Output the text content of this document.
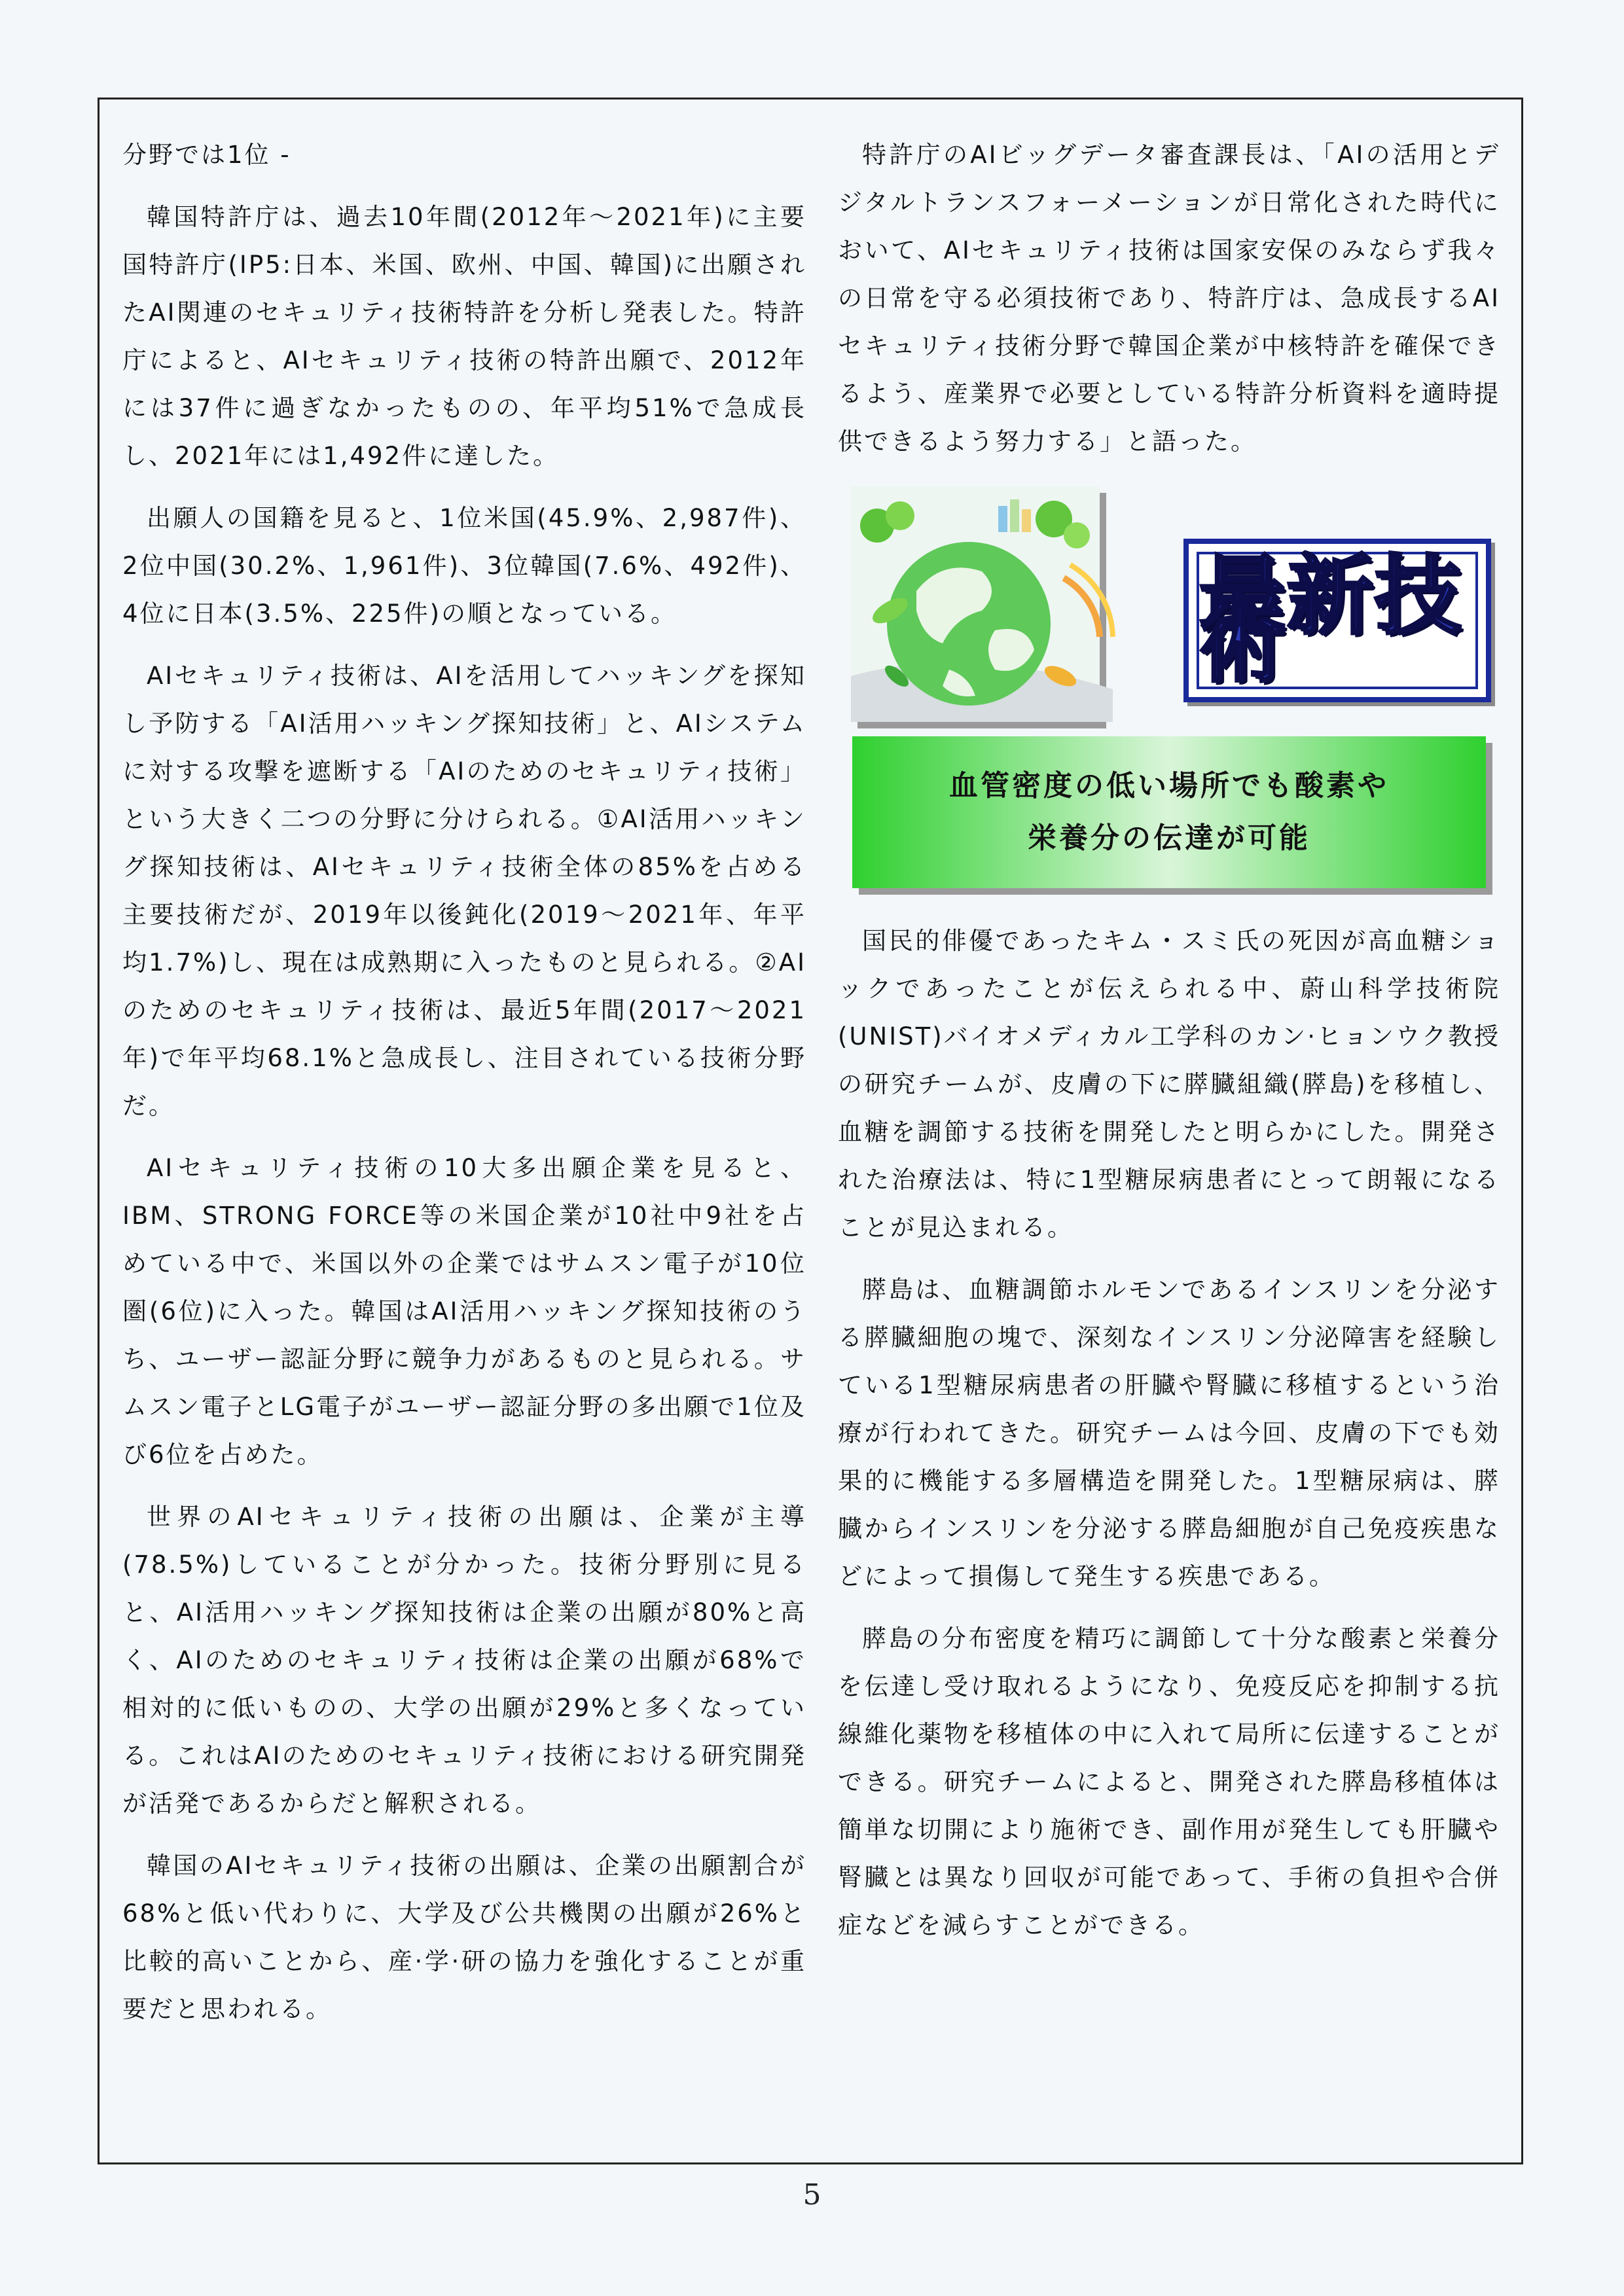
分野では1位 -

韓国特許庁は、過去10年間(2012年～2021年)に主要国特許庁(IP5:日本、米国、欧州、中国、韓国)に出願されたAI関連のセキュリティ技術特許を分析し発表した。特許庁によると、AIセキュリティ技術の特許出願で、2012年には37件に過ぎなかったものの、年平均51%で急成長し、2021年には1,492件に達した。

出願人の国籍を見ると、1位米国(45.9%、2,987件)、2位中国(30.2%、1,961件)、3位韓国(7.6%、492件)、4位に日本(3.5%、225件)の順となっている。

AIセキュリティ技術は、AIを活用してハッキングを探知し予防する「AI活用ハッキング探知技術」と、AIシステムに対する攻撃を遮断する「AIのためのセキュリティ技術」という大きく二つの分野に分けられる。①AI活用ハッキング探知技術は、AIセキュリティ技術全体の85%を占める主要技術だが、2019年以後鈍化(2019～2021年、年平均1.7%)し、現在は成熟期に入ったものと見られる。②AIのためのセキュリティ技術は、最近5年間(2017～2021年)で年平均68.1%と急成長し、注目されている技術分野だ。

AIセキュリティ技術の10大多出願企業を見ると、IBM、STRONG FORCE等の米国企業が10社中9社を占めている中で、米国以外の企業ではサムスン電子が10位圏(6位)に入った。韓国はAI活用ハッキング探知技術のうち、ユーザー認証分野に競争力があるものと見られる。サムスン電子とLG電子がユーザー認証分野の多出願で1位及び6位を占めた。

世界のAIセキュリティ技術の出願は、企業が主導(78.5%)していることが分かった。技術分野別に見ると、AI活用ハッキング探知技術は企業の出願が80%と高く、AIのためのセキュリティ技術は企業の出願が68%で相対的に低いものの、大学の出願が29%と多くなっている。これはAIのためのセキュリティ技術における研究開発が活発であるからだと解釈される。

韓国のAIセキュリティ技術の出願は、企業の出願割合が68%と低い代わりに、大学及び公共機関の出願が26%と比較的高いことから、産·学·研の協力を強化することが重要だと思われる。

特許庁のAIビッグデータ審査課長は、「AIの活用とデジタルトランスフォーメーションが日常化された時代において、AIセキュリティ技術は国家安保のみならず我々の日常を守る必須技術であり、特許庁は、急成長するAIセキュリティ技術分野で韓国企業が中核特許を確保できるよう、産業界で必要としている特許分析資料を適時提供できるよう努力する」と語った。

最新技術
血管密度の低い場所でも酸素や
栄養分の伝達が可能

国民的俳優であったキム・スミ氏の死因が高血糖ショックであったことが伝えられる中、蔚山科学技術院(UNIST)バイオメディカル工学科のカン·ヒョンウク教授の研究チームが、皮膚の下に膵臓組織(膵島)を移植し、血糖を調節する技術を開発したと明らかにした。開発された治療法は、特に1型糖尿病患者にとって朗報になることが見込まれる。

膵島は、血糖調節ホルモンであるインスリンを分泌する膵臓細胞の塊で、深刻なインスリン分泌障害を経験している1型糖尿病患者の肝臓や腎臓に移植するという治療が行われてきた。研究チームは今回、皮膚の下でも効果的に機能する多層構造を開発した。1型糖尿病は、膵臓からインスリンを分泌する膵島細胞が自己免疫疾患などによって損傷して発生する疾患である。

膵島の分布密度を精巧に調節して十分な酸素と栄養分を伝達し受け取れるようになり、免疫反応を抑制する抗線維化薬物を移植体の中に入れて局所に伝達することができる。研究チームによると、開発された膵島移植体は簡単な切開により施術でき、副作用が発生しても肝臓や腎臓とは異なり回収が可能であって、手術の負担や合併症などを減らすことができる。

5
